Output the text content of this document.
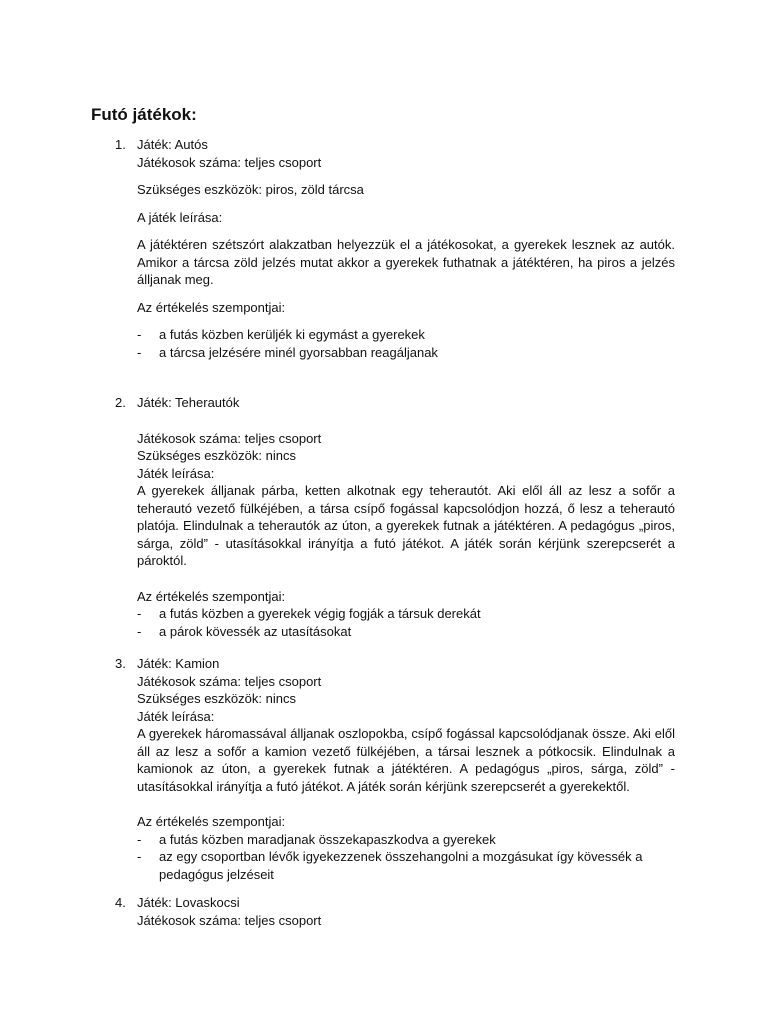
Futó játékok:
1. Játék: Autós

Játékosok száma: teljes csoport

Szükséges eszközök: piros, zöld tárcsa

A játék leírása:

A játéktéren szétszórt alakzatban helyezzük el a játékosokat, a gyerekek lesznek az autók. Amikor a tárcsa zöld jelzés mutat akkor a gyerekek futhatnak a játéktéren, ha piros a jelzés álljanak meg.

Az értékelés szempontjai:

- a futás közben kerüljék ki egymást a gyerekek
- a tárcsa jelzésére minél gyorsabban reagáljanak
2. Játék: Teherautók

Játékosok száma: teljes csoport

Szükséges eszközök: nincs

Játék leírása:

A gyerekek álljanak párba, ketten alkotnak egy teherautót. Aki elől áll az lesz a sofőr a teherautó vezető fülkéjében, a társa csípő fogással kapcsolódjon hozzá, ő lesz a teherautó platója. Elindulnak a teherautók az úton, a gyerekek futnak a játéktéren. A pedagógus „piros, sárga, zöld” - utasításokkal irányítja a futó játékot. A játék során kérjünk szerepcserét a pároktól.

Az értékelés szempontjai:

- a futás közben a gyerekek végig fogják a társuk derekát
- a párok kövessék az utasításokat
3. Játék: Kamion

Játékosok száma: teljes csoport

Szükséges eszközök: nincs

Játék leírása:

A gyerekek háromassával álljanak oszlopokba, csípő fogással kapcsolódjanak össze. Aki elől áll az lesz a sofőr a kamion vezető fülkéjében, a társai lesznek a pótkocsik. Elindulnak a kamionok az úton, a gyerekek futnak a játéktéren. A pedagógus „piros, sárga, zöld” - utasításokkal irányítja a futó játékot. A játék során kérjünk szerepcserét a gyerekektől.

Az értékelés szempontjai:

- a futás közben maradjanak összekapaszkodva a gyerekek
- az egy csoportban lévők igyekezzenek összehangolni a mozgásukat így kövessék a pedagógus jelzéseit
4. Játék: Lovaskocsi

Játékosok száma: teljes csoport
